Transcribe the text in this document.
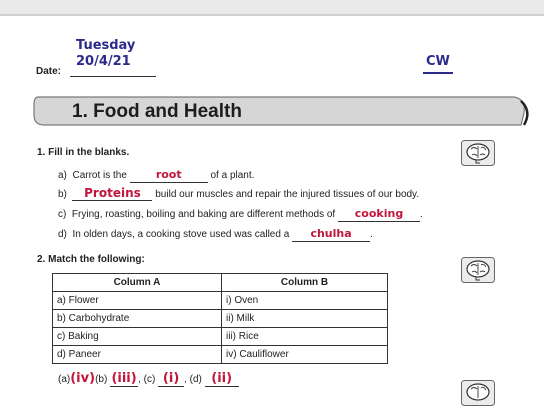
Tuesday
20/4/21
Date:
CW
1. Food and Health
1. Fill in the blanks.
a) Carrot is the	root	of a plant.
b) Proteins build our muscles and repair the injured tissues of our body.
c) Frying, roasting, boiling and baking are different methods of cooking .
d) In olden days, a cooking stove used was called a chulha .
2. Match the following:
Column A	Column B
a) Flower	i) Oven
b) Carbohydrate	ii) Milk
c) Baking	iii) Rice
d) Paneer	iv) Cauliflower
(a)(iv)(b) (iii), (c) (i) , (d) (ii)
